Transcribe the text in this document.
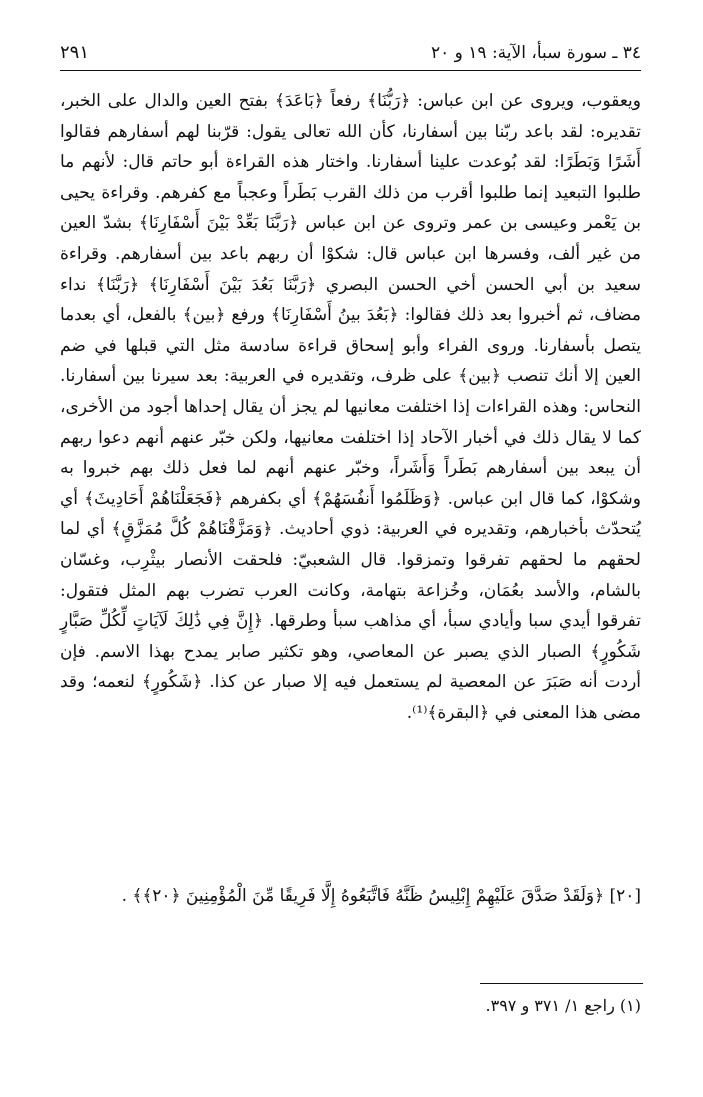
٣٤ ـ سورة سبأ، الآية: ١٩ و ٢٠
٢٩١

ويعقوب، ويروى عن ابن عباس: ﴿رَبُّنَا﴾ رفعاً ﴿بَاعَدَ﴾ بفتح العين والدال على الخبر، تقديره: لقد باعد ربّنا بين أسفارنا، كأن الله تعالى يقول: قرّبنا لهم أسفارهم فقالوا أَشَرًا وَبَطَرًا: لقد بُوعدت علينا أسفارنا. واختار هذه القراءة أبو حاتم قال: لأنهم ما طلبوا التبعيد إنما طلبوا أقرب من ذلك القرب بَطَراً وعجباً مع كفرهم. وقراءة يحيى بن يَعْمر وعيسى بن عمر وتروى عن ابن عباس ﴿رَبَّنَا بَعِّدْ بَيْنَ أَسْفَارِنَا﴾ بشدّ العين من غير ألف، وفسرها ابن عباس قال: شكوْا أن ربهم باعد بين أسفارهم. وقراءة سعيد بن أبي الحسن أخي الحسن البصري ﴿رَبَّنَا بَعُدَ بَيْنَ أَسْفَارِنَا﴾ ﴿رَبَّنَا﴾ نداء مضاف، ثم أخبروا بعد ذلك فقالوا: ﴿بَعُدَ بينُ أَسْفَارِنَا﴾ ورفع ﴿بين﴾ بالفعل، أي بعدما يتصل بأسفارنا. وروى الفراء وأبو إسحاق قراءة سادسة مثل التي قبلها في ضم العين إلا أنك تنصب ﴿بين﴾ على ظرف، وتقديره في العربية: بعد سيرنا بين أسفارنا. النحاس: وهذه القراءات إذا اختلفت معانيها لم يجز أن يقال إحداها أجود من الأخرى، كما لا يقال ذلك في أخبار الآحاد إذا اختلفت معانيها، ولكن خبّر عنهم أنهم دعوا ربهم أن يبعد بين أسفارهم بَطَراً وَأَشَراً، وخبّر عنهم أنهم لما فعل ذلك بهم خبروا به وشكوْا، كما قال ابن عباس. ﴿وَظَلَمُوا أَنفُسَهُمْ﴾ أي بكفرهم ﴿فَجَعَلْنَاهُمْ أَحَادِيثَ﴾ أي يُتحدّث بأخبارهم، وتقديره في العربية: ذوي أحاديث. ﴿وَمَزَّقْنَاهُمْ كُلَّ مُمَزَّقٍ﴾ أي لما لحقهم ما لحقهم تفرقوا وتمزقوا. قال الشعبيّ: فلحقت الأنصار بيثْرِب، وغسّان بالشام، والأسد بعُمَان، وخُزاعة بتهامة، وكانت العرب تضرب بهم المثل فتقول: تفرقوا أيدي سبا وأيادي سبأ، أي مذاهب سبأ وطرقها. ﴿إِنَّ فِي ذَٰلِكَ لَآيَاتٍ لِّكُلِّ صَبَّارٍ شَكُورٍ﴾ الصبار الذي يصبر عن المعاصي، وهو تكثير صابر يمدح بهذا الاسم. فإن أردت أنه صَبَرَ عن المعصية لم يستعمل فيه إلا صبار عن كذا. ﴿شَكُورٍ﴾ لنعمه؛ وقد مضى هذا المعنى في ﴿البقرة﴾⁽¹⁾.

[٢٠] ﴿وَلَقَدْ صَدَّقَ عَلَيْهِمْ إِبْلِيسُ ظَنَّهُ فَاتَّبَعُوهُ إِلَّا فَرِيقًا مِّنَ الْمُؤْمِنِينَ ﴿٢٠﴾﴾ .
(١) راجع ١/ ٣٧١ و ٣٩٧.
